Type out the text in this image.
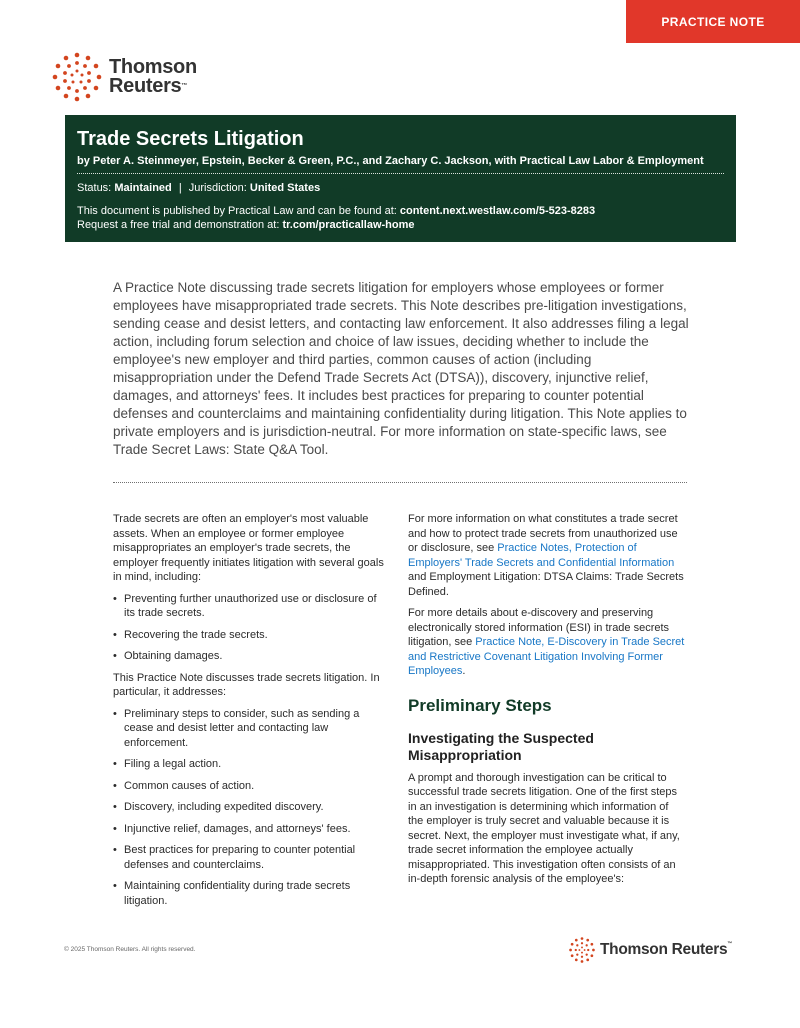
PRACTICE NOTE
Thomson
Reuters™
Trade Secrets Litigation
by Peter A. Steinmeyer, Epstein, Becker & Green, P.C., and Zachary C. Jackson, with Practical Law Labor & Employment
Status: Maintained | Jurisdiction: United States
This document is published by Practical Law and can be found at: content.next.westlaw.com/5-523-8283
Request a free trial and demonstration at: tr.com/practicallaw-home

A Practice Note discussing trade secrets litigation for employers whose employees or former employees have misappropriated trade secrets. This Note describes pre-litigation investigations, sending cease and desist letters, and contacting law enforcement. It also addresses filing a legal action, including forum selection and choice of law issues, deciding whether to include the employee's new employer and third parties, common causes of action (including misappropriation under the Defend Trade Secrets Act (DTSA)), discovery, injunctive relief, damages, and attorneys' fees. It includes best practices for preparing to counter potential defenses and counterclaims and maintaining confidentiality during litigation. This Note applies to private employers and is jurisdiction-neutral. For more information on state-specific laws, see Trade Secret Laws: State Q&A Tool.

Trade secrets are often an employer's most valuable assets. When an employee or former employee misappropriates an employer's trade secrets, the employer frequently initiates litigation with several goals in mind, including:

• Preventing further unauthorized use or disclosure of its trade secrets.
• Recovering the trade secrets.
• Obtaining damages.

This Practice Note discusses trade secrets litigation. In particular, it addresses:

• Preliminary steps to consider, such as sending a cease and desist letter and contacting law enforcement.
• Filing a legal action.
• Common causes of action.
• Discovery, including expedited discovery.
• Injunctive relief, damages, and attorneys' fees.
• Best practices for preparing to counter potential defenses and counterclaims.
• Maintaining confidentiality during trade secrets litigation.

For more information on what constitutes a trade secret and how to protect trade secrets from unauthorized use or disclosure, see Practice Notes, Protection of Employers' Trade Secrets and Confidential Information and Employment Litigation: DTSA Claims: Trade Secrets Defined.

For more details about e-discovery and preserving electronically stored information (ESI) in trade secrets litigation, see Practice Note, E-Discovery in Trade Secret and Restrictive Covenant Litigation Involving Former Employees.

Preliminary Steps
Investigating the Suspected Misappropriation

A prompt and thorough investigation can be critical to successful trade secrets litigation. One of the first steps in an investigation is determining which information of the employer is truly secret and valuable because it is secret. Next, the employer must investigate what, if any, trade secret information the employee actually misappropriated. This investigation often consists of an in-depth forensic analysis of the employee's:

© 2025 Thomson Reuters. All rights reserved.	Thomson Reuters™
